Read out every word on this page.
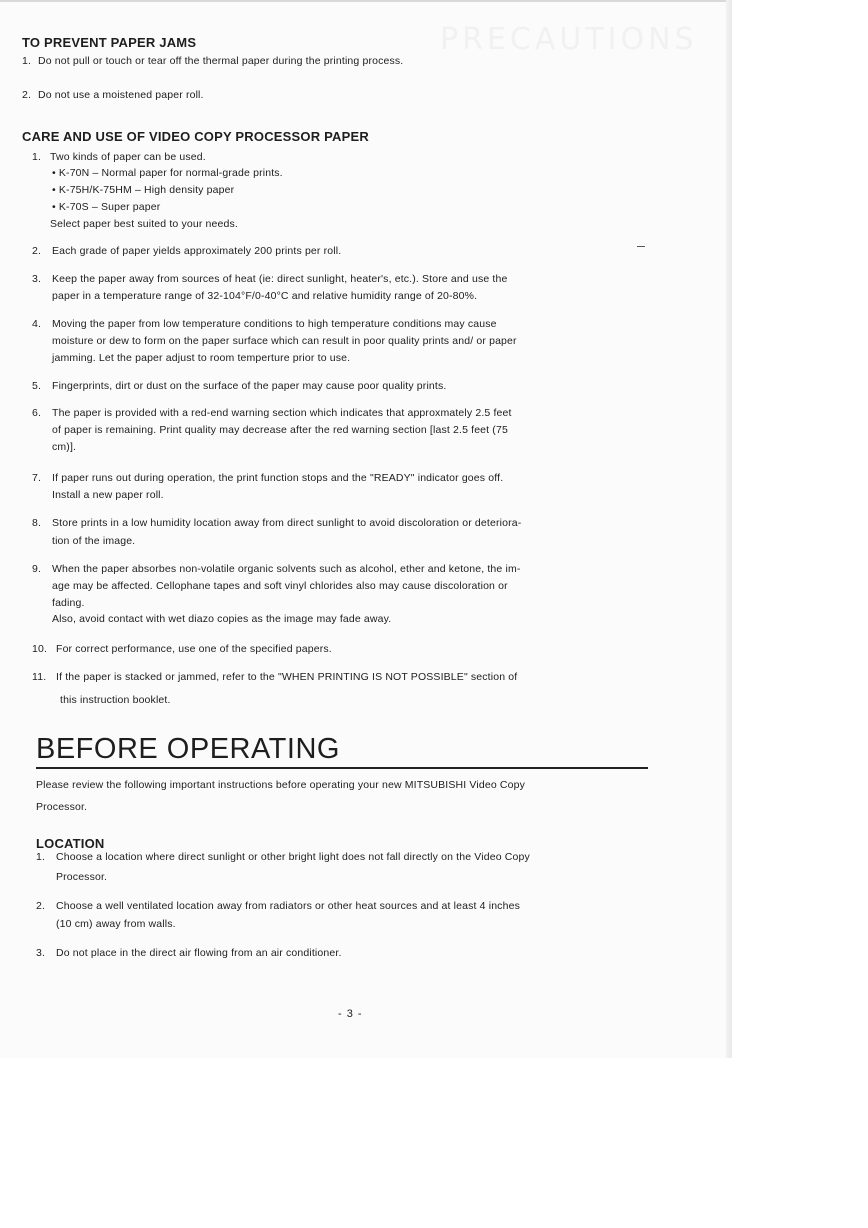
PRECAUTIONS
TO PREVENT PAPER JAMS
1. Do not pull or touch or tear off the thermal paper during the printing process.
2. Do not use a moistened paper roll.
CARE AND USE OF VIDEO COPY PROCESSOR PAPER
1. Two kinds of paper can be used.
• K-70N – Normal paper for normal-grade prints.
• K-75H/K-75HM – High density paper
• K-70S – Super paper
Select paper best suited to your needs.
2. Each grade of paper yields approximately 200 prints per roll.
3. Keep the paper away from sources of heat (ie: direct sunlight, heater's, etc.). Store and use the
paper in a temperature range of 32-104°F/0-40°C and relative humidity range of 20-80%.
4. Moving the paper from low temperature conditions to high temperature conditions may cause
moisture or dew to form on the paper surface which can result in poor quality prints and/ or paper
jamming. Let the paper adjust to room temperture prior to use.
5. Fingerprints, dirt or dust on the surface of the paper may cause poor quality prints.
6. The paper is provided with a red-end warning section which indicates that approxmately 2.5 feet
of paper is remaining. Print quality may decrease after the red warning section [last 2.5 feet (75
cm)].
7. If paper runs out during operation, the print function stops and the "READY" indicator goes off.
Install a new paper roll.
8. Store prints in a low humidity location away from direct sunlight to avoid discoloration or deteriora-
tion of the image.
9. When the paper absorbes non-volatile organic solvents such as alcohol, ether and ketone, the im-
age may be affected. Cellophane tapes and soft vinyl chlorides also may cause discoloration or
fading.
Also, avoid contact with wet diazo copies as the image may fade away.
10. For correct performance, use one of the specified papers.
11. If the paper is stacked or jammed, refer to the "WHEN PRINTING IS NOT POSSIBLE" section of
this instruction booklet.
BEFORE OPERATING
Please review the following important instructions before operating your new MITSUBISHI Video Copy
Processor.
LOCATION
1. Choose a location where direct sunlight or other bright light does not fall directly on the Video Copy
Processor.
2. Choose a well ventilated location away from radiators or other heat sources and at least 4 inches
(10 cm) away from walls.
3. Do not place in the direct air flowing from an air conditioner.
- 3 -
